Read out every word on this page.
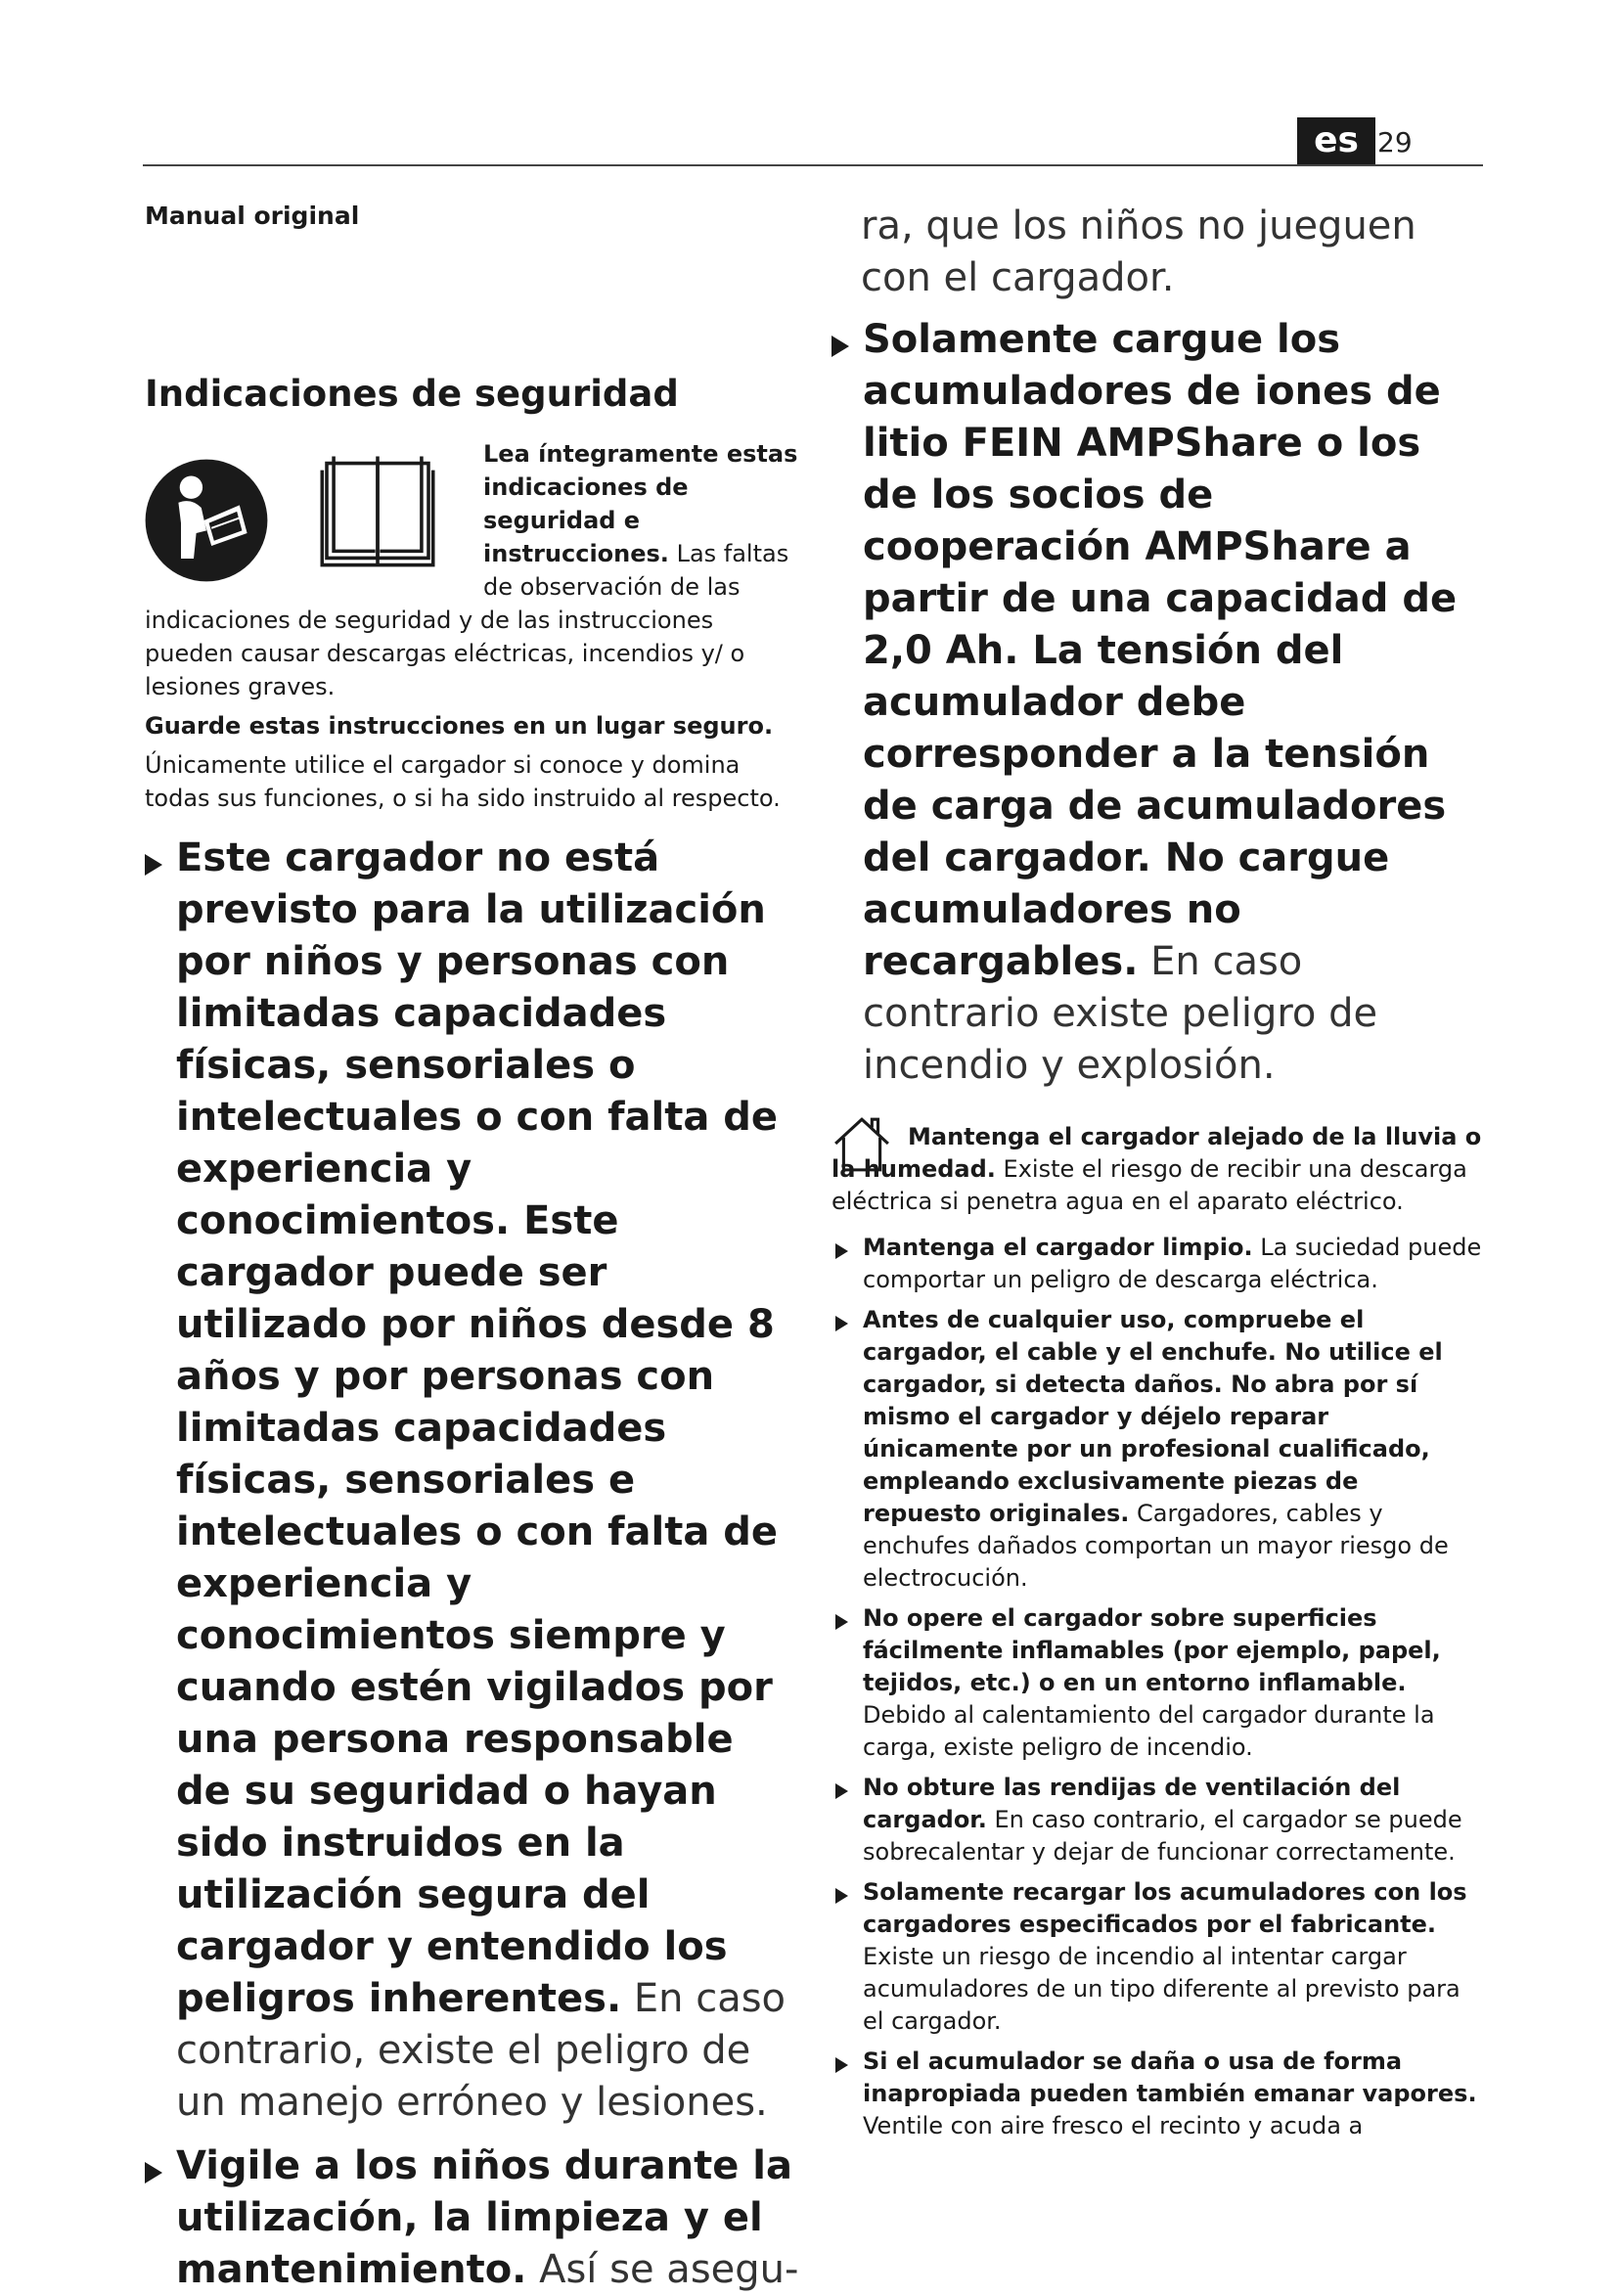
es 29
Manual original
Indicaciones de seguridad
Lea íntegramente estas indicaciones de seguridad e instrucciones. Las faltas de observación de las indicaciones de seguridad y de las instrucciones pueden causar descargas eléctricas, incendios y/ o lesiones graves.
Guarde estas instrucciones en un lugar seguro.
Únicamente utilice el cargador si conoce y domina todas sus funciones, o si ha sido instruido al respecto.
Este cargador no está previsto para la utilización por niños y personas con limitadas capacidades físicas, sensoriales o intelectuales o con falta de experiencia y conocimientos. Este cargador puede ser utilizado por niños desde 8 años y por personas con limitadas capacidades físicas, sensoriales e intelectuales o con falta de experiencia y conocimientos siempre y cuando estén vigilados por una persona responsable de su seguridad o hayan sido instruidos en la utilización segura del cargador y entendido los peligros inherentes. En caso contrario, existe el peligro de un manejo erróneo y lesiones.
Vigile a los niños durante la utilización, la limpieza y el mantenimiento. Así se asegu-
ra, que los niños no jueguen con el cargador.
Solamente cargue los acumuladores de iones de litio FEIN AMPShare o los de los socios de cooperación AMPShare a partir de una capacidad de 2,0 Ah. La tensión del acumulador debe corresponder a la tensión de carga de acumuladores del cargador. No cargue acumuladores no recargables. En caso contrario existe peligro de incendio y explosión.
Mantenga el cargador alejado de la lluvia o la humedad. Existe el riesgo de recibir una descarga eléctrica si penetra agua en el aparato eléctrico.
Mantenga el cargador limpio. La suciedad puede comportar un peligro de descarga eléctrica.
Antes de cualquier uso, compruebe el cargador, el cable y el enchufe. No utilice el cargador, si detecta daños. No abra por sí mismo el cargador y déjelo reparar únicamente por un profesional cualificado, empleando exclusivamente piezas de repuesto originales. Cargadores, cables y enchufes dañados comportan un mayor riesgo de electrocución.
No opere el cargador sobre superficies fácilmente inflamables (por ejemplo, papel, tejidos, etc.) o en un entorno inflamable. Debido al calentamiento del cargador durante la carga, existe peligro de incendio.
No obture las rendijas de ventilación del cargador. En caso contrario, el cargador se puede sobrecalentar y dejar de funcionar correctamente.
Solamente recargar los acumuladores con los cargadores especificados por el fabricante. Existe un riesgo de incendio al intentar cargar acumuladores de un tipo diferente al previsto para el cargador.
Si el acumulador se daña o usa de forma inapropiada pueden también emanar vapores. Ventile con aire fresco el recinto y acuda a
